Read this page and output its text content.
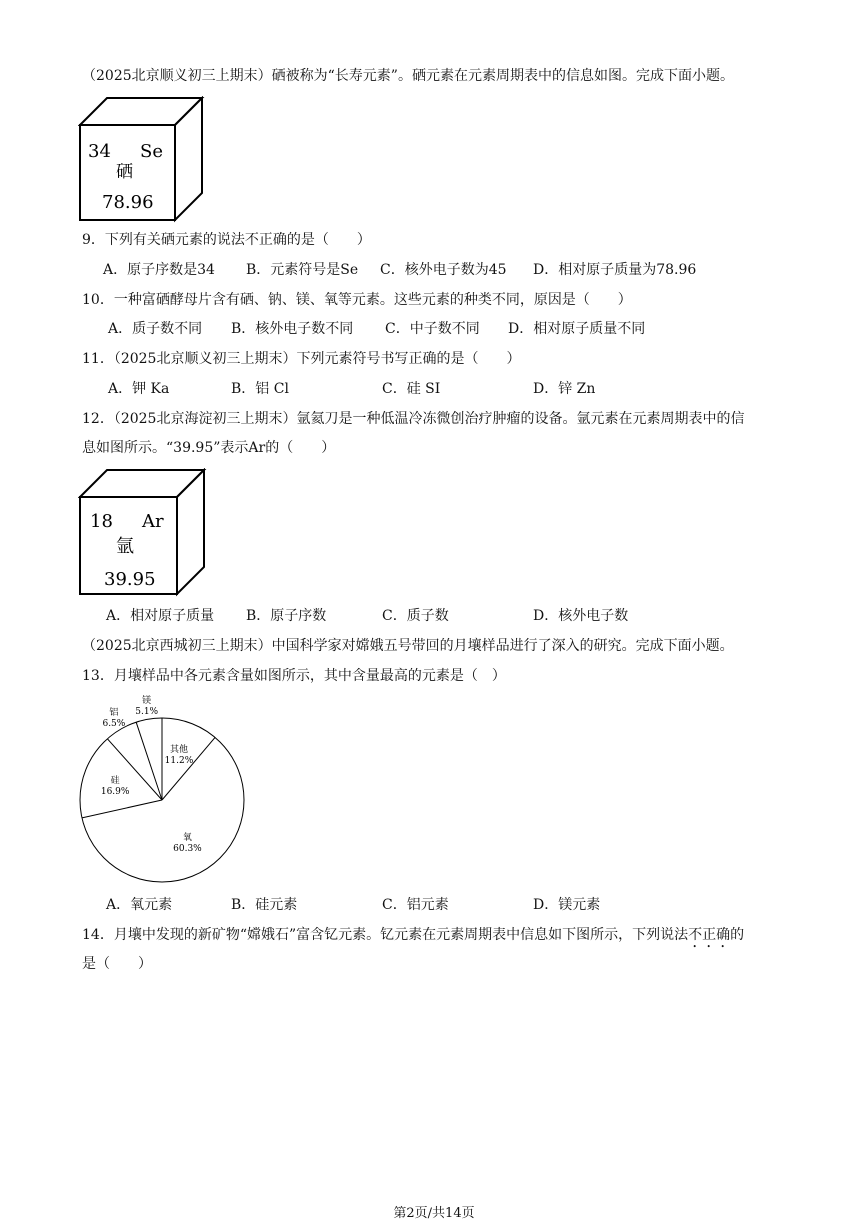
（2025北京顺义初三上期末）硒被称为“长寿元素”。硒元素在元素周期表中的信息如图。完成下面小题。
34 Se
硒
78.96
9．下列有关硒元素的说法不正确的是（　　）
A．原子序数是34 B．元素符号是Se C．核外电子数为45 D．相对原子质量为78.96
10．一种富硒酵母片含有硒、钠、镁、氧等元素。这些元素的种类不同，原因是（　　）
A．质子数不同 B．核外电子数不同 C．中子数不同 D．相对原子质量不同
11．（2025北京顺义初三上期末）下列元素符号书写正确的是（　　）
A．钾 Ka	B．铝 Cl	C．硅 SI	D．锌 Zn
12．（2025北京海淀初三上期末）氩氦刀是一种低温冷冻微创治疗肿瘤的设备。氩元素在元素周期表中的信
息如图所示。“39.95”表示Ar的（　　）
18 Ar
氩
39.95
A．相对原子质量 B．原子序数	C．质子数	D．核外电子数
（2025北京西城初三上期末）中国科学家对嫦娥五号带回的月壤样品进行了深入的研究。完成下面小题。
13．月壤样品中各元素含量如图所示，其中含量最高的元素是（　）
其他
11.2%
氧
60.3%
硅
16.9%
铝
6.5%
镁
5.1%
A．氧元素	B．硅元素	C．铝元素	D．镁元素
14．月壤中发现的新矿物“嫦娥石”富含钇元素。钇元素在元素周期表中信息如下图所示，下列说法不正确的
是（　　）
第2页/共14页
